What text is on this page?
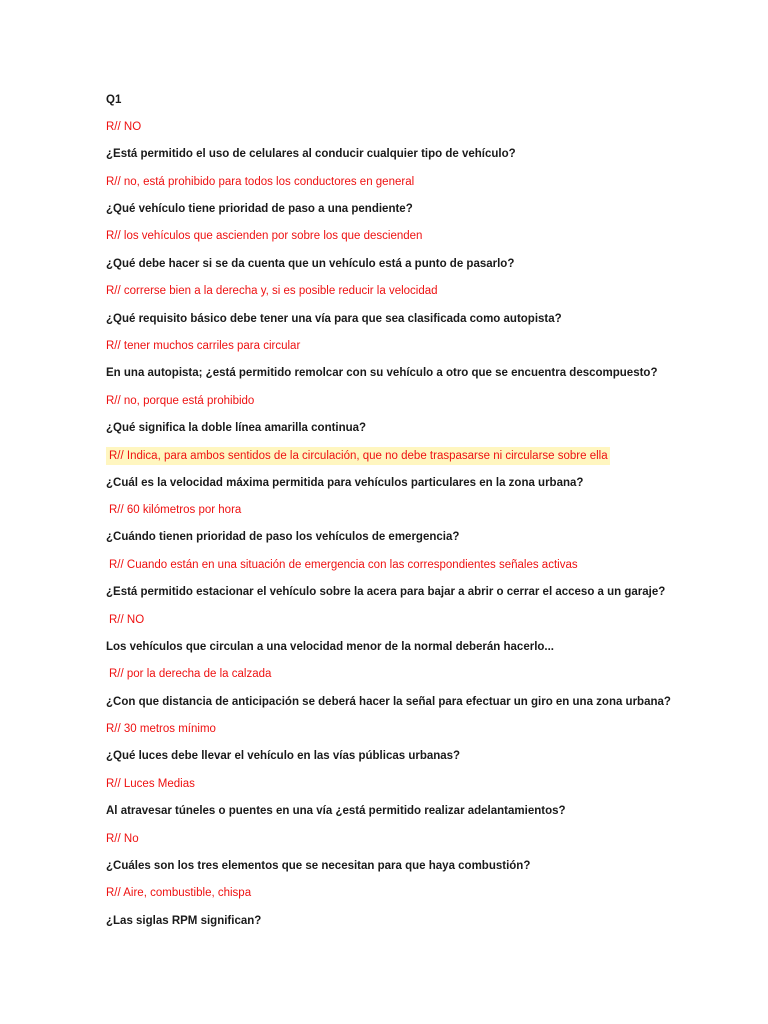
Q1
R// NO
¿Está permitido el uso de celulares al conducir cualquier tipo de vehículo?
R// no, está prohibido para todos los conductores en general
¿Qué vehículo tiene prioridad de paso a una pendiente?
R// los vehículos que ascienden por sobre los que descienden
¿Qué debe hacer si se da cuenta que un vehículo está a punto de pasarlo?
R// correrse bien a la derecha y, si es posible reducir la velocidad
¿Qué requisito básico debe tener una vía para que sea clasificada como autopista?
R// tener muchos carriles para circular
En una autopista; ¿está permitido remolcar con su vehículo a otro que se encuentra descompuesto?
R// no, porque está prohibido
¿Qué significa la doble línea amarilla continua?
R// Indica, para ambos sentidos de la circulación, que no debe traspasarse ni circularse sobre ella
¿Cuál es la velocidad máxima permitida para vehículos particulares en la zona urbana?
R// 60 kilómetros por hora
¿Cuándo tienen prioridad de paso los vehículos de emergencia?
R// Cuando están en una situación de emergencia con las correspondientes señales activas
¿Está permitido estacionar el vehículo sobre la acera para bajar a abrir o cerrar el acceso a un garaje?
R// NO
Los vehículos que circulan a una velocidad menor de la normal deberán hacerlo...
R// por la derecha de la calzada
¿Con que distancia de anticipación se deberá hacer la señal para efectuar un giro en una zona urbana?
R// 30 metros mínimo
¿Qué luces debe llevar el vehículo en las vías públicas urbanas?
R// Luces Medias
Al atravesar túneles o puentes en una vía ¿está permitido realizar adelantamientos?
R// No
¿Cuáles son los tres elementos que se necesitan para que haya combustión?
R// Aire, combustible, chispa
¿Las siglas RPM significan?
